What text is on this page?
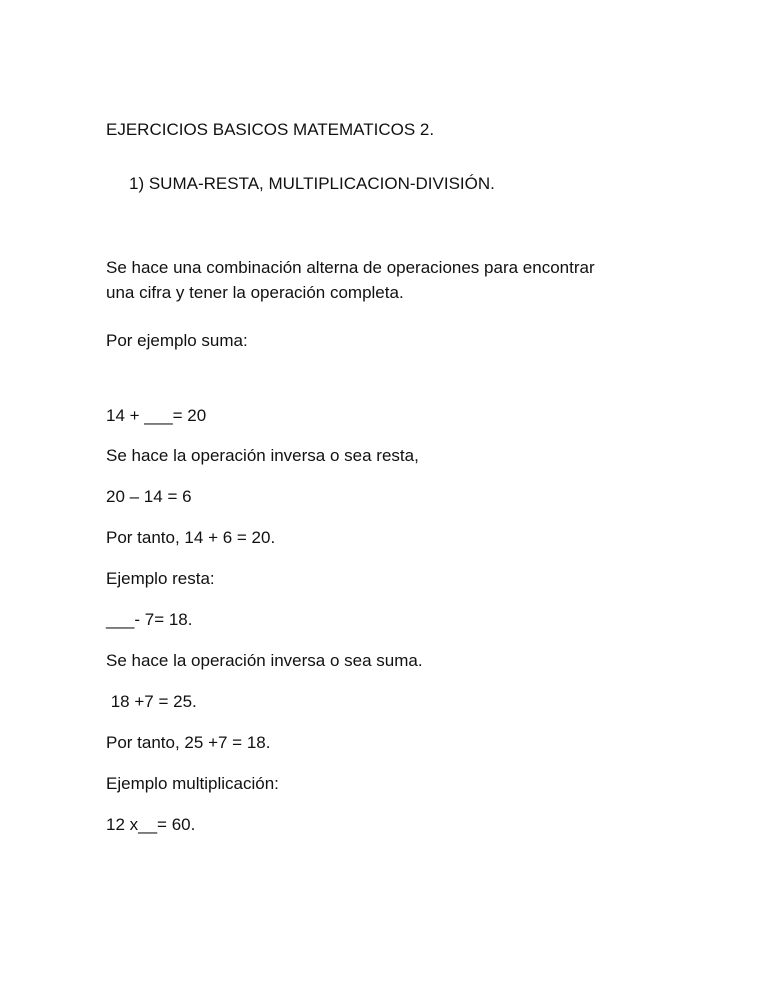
EJERCICIOS BASICOS MATEMATICOS 2.
1) SUMA-RESTA, MULTIPLICACION-DIVISIÓN.
Se hace una combinación alterna de operaciones para encontrar
una cifra y tener la operación completa.
Por ejemplo suma:
14 + ___= 20
Se hace la operación inversa o sea resta,
20 – 14 = 6
Por tanto, 14 + 6 = 20.
Ejemplo resta:
___- 7= 18.
Se hace la operación inversa o sea suma.
18 +7 = 25.
Por tanto, 25 +7 = 18.
Ejemplo multiplicación:
12 x__= 60.
